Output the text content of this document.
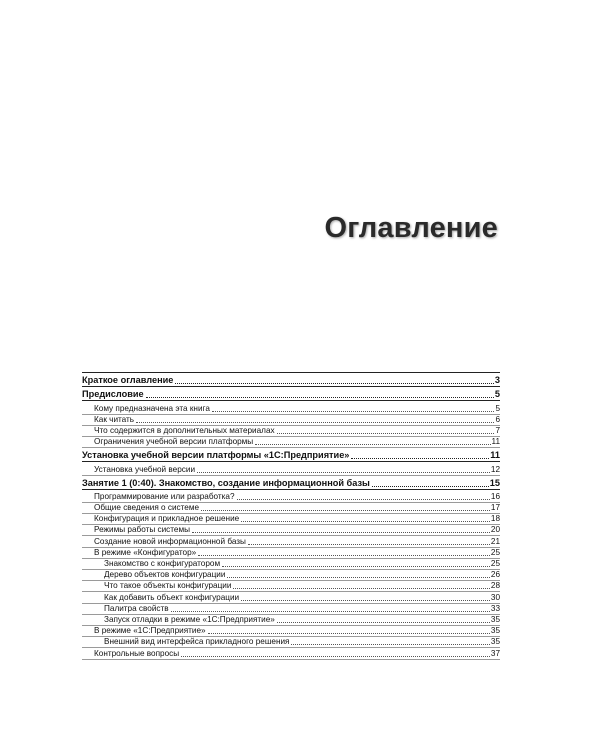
Оглавление
Краткое оглавление	3
Предисловие	5
Кому предназначена эта книга	5
Как читать	6
Что содержится в дополнительных материалах	7
Ограничения учебной версии платформы	11
Установка учебной версии платформы «1С:Предприятие»	11
Установка учебной версии	12
Занятие 1 (0:40). Знакомство, создание информационной базы	15
Программирование или разработка?	16
Общие сведения о системе	17
Конфигурация и прикладное решение	18
Режимы работы системы	20
Создание новой информационной базы	21
В режиме «Конфигуратор»	25
Знакомство с конфигуратором	25
Дерево объектов конфигурации	26
Что такое объекты конфигурации	28
Как добавить объект конфигурации	30
Палитра свойств	33
Запуск отладки в режиме «1С:Предприятие»	35
В режиме «1С:Предприятие»	35
Внешний вид интерфейса прикладного решения	35
Контрольные вопросы	37
